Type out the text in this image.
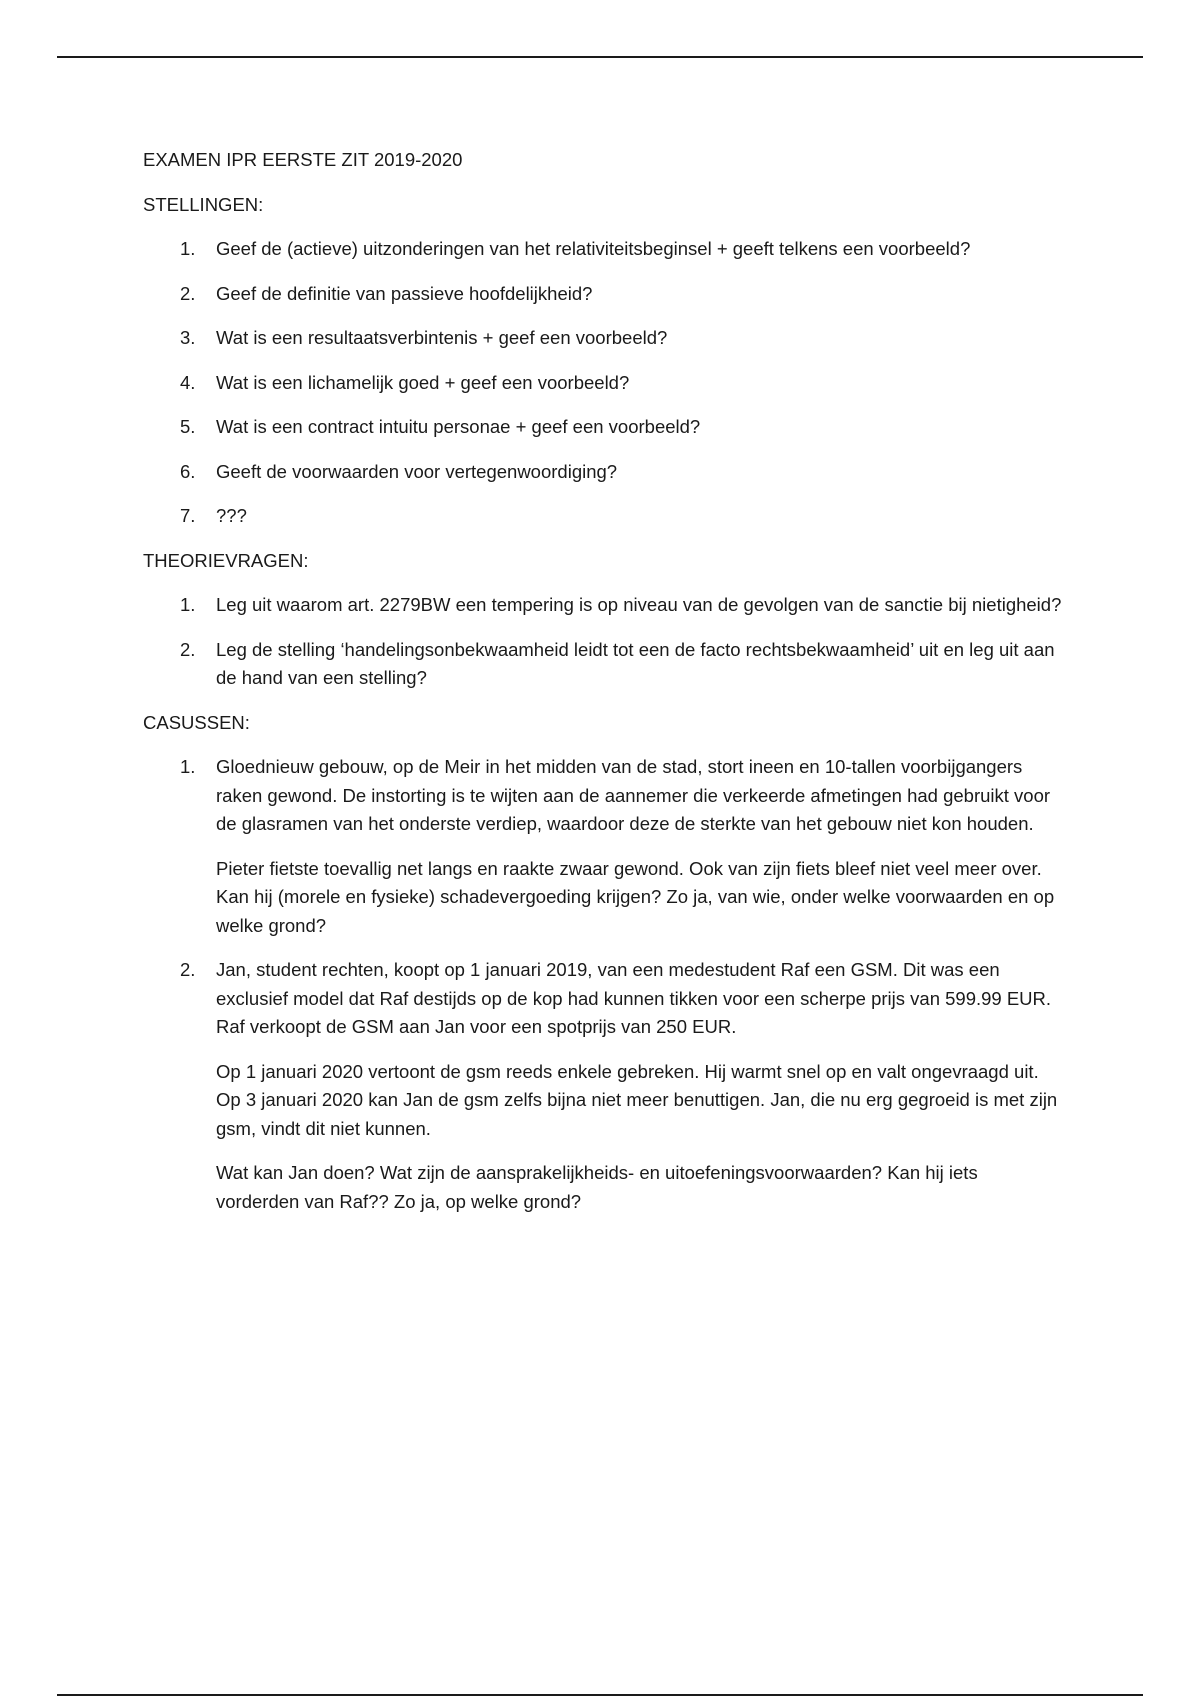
EXAMEN IPR EERSTE ZIT 2019-2020

STELLINGEN:

1. Geef de (actieve) uitzonderingen van het relativiteitsbeginsel + geeft telkens een voorbeeld?
2. Geef de definitie van passieve hoofdelijkheid?
3. Wat is een resultaatsverbintenis + geef een voorbeeld?
4. Wat is een lichamelijk goed + geef een voorbeeld?
5. Wat is een contract intuitu personae + geef een voorbeeld?
6. Geeft de voorwaarden voor vertegenwoordiging?
7. ???

THEORIEVRAGEN:

1. Leg uit waarom art. 2279BW een tempering is op niveau van de gevolgen van de sanctie bij nietigheid?
2. Leg de stelling ‘handelingsonbekwaamheid leidt tot een de facto rechtsbekwaamheid’ uit en leg uit aan de hand van een stelling?

CASUSSEN:

1. Gloednieuw gebouw, op de Meir in het midden van de stad, stort ineen en 10-tallen voorbijgangers raken gewond. De instorting is te wijten aan de aannemer die verkeerde afmetingen had gebruikt voor de glasramen van het onderste verdiep, waardoor deze de sterkte van het gebouw niet kon houden.

Pieter fietste toevallig net langs en raakte zwaar gewond. Ook van zijn fiets bleef niet veel meer over. Kan hij (morele en fysieke) schadevergoeding krijgen? Zo ja, van wie, onder welke voorwaarden en op welke grond?

2. Jan, student rechten, koopt op 1 januari 2019, van een medestudent Raf een GSM. Dit was een exclusief model dat Raf destijds op de kop had kunnen tikken voor een scherpe prijs van 599.99 EUR. Raf verkoopt de GSM aan Jan voor een spotprijs van 250 EUR.

Op 1 januari 2020 vertoont de gsm reeds enkele gebreken. Hij warmt snel op en valt ongevraagd uit. Op 3 januari 2020 kan Jan de gsm zelfs bijna niet meer benuttigen. Jan, die nu erg gegroeid is met zijn gsm, vindt dit niet kunnen.

Wat kan Jan doen? Wat zijn de aansprakelijkheids- en uitoefeningsvoorwaarden? Kan hij iets vorderden van Raf?? Zo ja, op welke grond?
